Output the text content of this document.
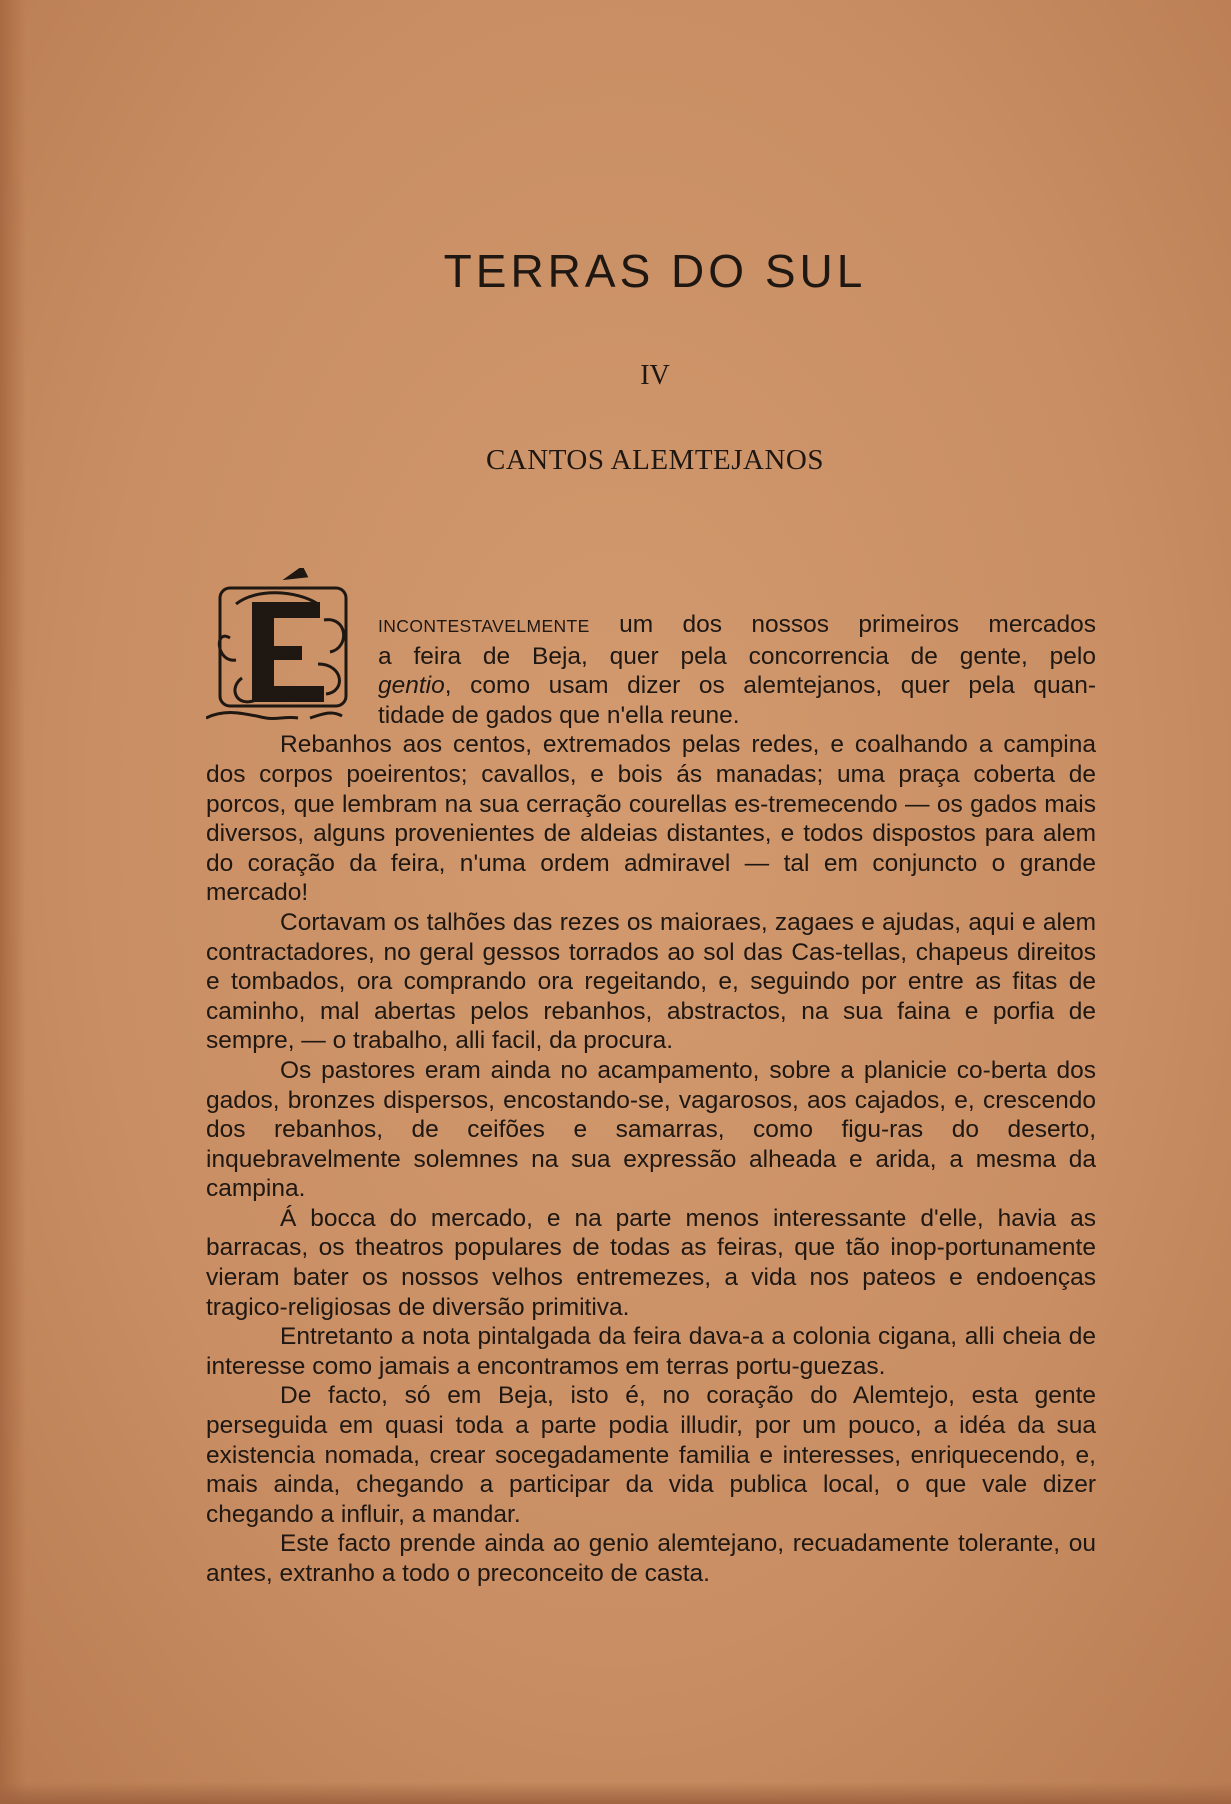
TERRAS DO SUL
IV
CANTOS ALEMTEJANOS

INCONTESTAVELMENTE um dos nossos primeiros mercados
a feira de Beja, quer pela concorrencia de gente, pelo
gentio, como usam dizer os alemtejanos, quer pela quan-
tidade de gados que n'ella reune.

Rebanhos aos centos, extremados pelas redes, e coalhando a campina dos corpos poeirentos; cavallos, e bois ás manadas; uma praça coberta de porcos, que lembram na sua cerração courellas es-tremecendo — os gados mais diversos, alguns provenientes de aldeias distantes, e todos dispostos para alem do coração da feira, n'uma ordem admiravel — tal em conjuncto o grande mercado!

Cortavam os talhões das rezes os maioraes, zagaes e ajudas, aqui e alem contractadores, no geral gessos torrados ao sol das Cas-tellas, chapeus direitos e tombados, ora comprando ora regeitando, e, seguindo por entre as fitas de caminho, mal abertas pelos rebanhos, abstractos, na sua faina e porfia de sempre, — o trabalho, alli facil, da procura.

Os pastores eram ainda no acampamento, sobre a planicie co-berta dos gados, bronzes dispersos, encostando-se, vagarosos, aos cajados, e, crescendo dos rebanhos, de ceifões e samarras, como figu-ras do deserto, inquebravelmente solemnes na sua expressão alheada e arida, a mesma da campina.

Á bocca do mercado, e na parte menos interessante d'elle, havia as barracas, os theatros populares de todas as feiras, que tão inop-portunamente vieram bater os nossos velhos entremezes, a vida nos pateos e endoenças tragico-religiosas de diversão primitiva.

Entretanto a nota pintalgada da feira dava-a a colonia cigana, alli cheia de interesse como jamais a encontramos em terras portu-guezas.

De facto, só em Beja, isto é, no coração do Alemtejo, esta gente perseguida em quasi toda a parte podia illudir, por um pouco, a idéa da sua existencia nomada, crear socegadamente familia e interesses, enriquecendo, e, mais ainda, chegando a participar da vida publica local, o que vale dizer chegando a influir, a mandar.

Este facto prende ainda ao genio alemtejano, recuadamente tolerante, ou antes, extranho a todo o preconceito de casta.
